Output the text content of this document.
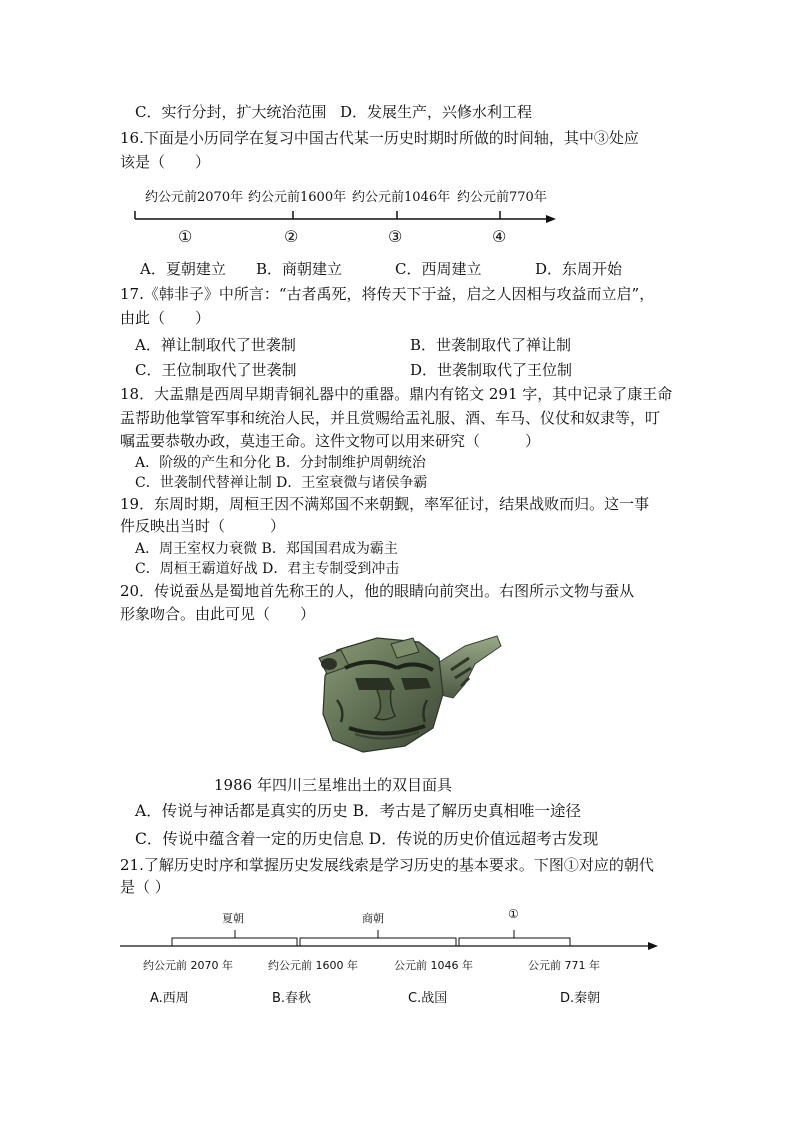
C．实行分封，扩大统治范围 D．发展生产，兴修水利工程
16.下面是小历同学在复习中国古代某一历史时期时所做的时间轴，其中③处应
该是（　　）
约公元前2070年 约公元前1600年 约公元前1046年 约公元前770年
①	②	③	④
A．夏朝建立 B．商朝建立	C．西周建立	D．东周开始
17.《韩非子》中所言：“古者禹死，将传天下于益，启之人因相与攻益而立启”，
由此（　　）
A．禅让制取代了世袭制	B．世袭制取代了禅让制
C．王位制取代了世袭制	D．世袭制取代了王位制
18．大盂鼎是西周早期青铜礼器中的重器。鼎内有铭文 291 字，其中记录了康王命
盂帮助他掌管军事和统治人民，并且赏赐给盂礼服、酒、车马、仪仗和奴隶等，叮
嘱盂要恭敬办政，莫违王命。这件文物可以用来研究（　　　）
A．阶级的产生和分化 B．分封制维护周朝统治
C．世袭制代替禅让制 D．王室衰微与诸侯争霸
19．东周时期，周桓王因不满郑国不来朝觐，率军征讨，结果战败而归。这一事
件反映出当时（　　　）
A．周王室权力衰微 B．郑国国君成为霸主
C．周桓王霸道好战 D．君主专制受到冲击
20．传说蚕丛是蜀地首先称王的人，他的眼睛向前突出。右图所示文物与蚕从
形象吻合。由此可见（　　）
1986 年四川三星堆出土的双目面具
A．传说与神话都是真实的历史 B．考古是了解历史真相唯一途径
C．传说中蕴含着一定的历史信息 D．传说的历史价值远超考古发现
21.了解历史时序和掌握历史发展线索是学习历史的基本要求。下图①对应的朝代
是（ ）
夏朝	商朝	①
约公元前 2070 年	约公元前 1600 年	公元前 1046 年	公元前 771 年
A.西周	B.春秋	C.战国	D.秦朝
